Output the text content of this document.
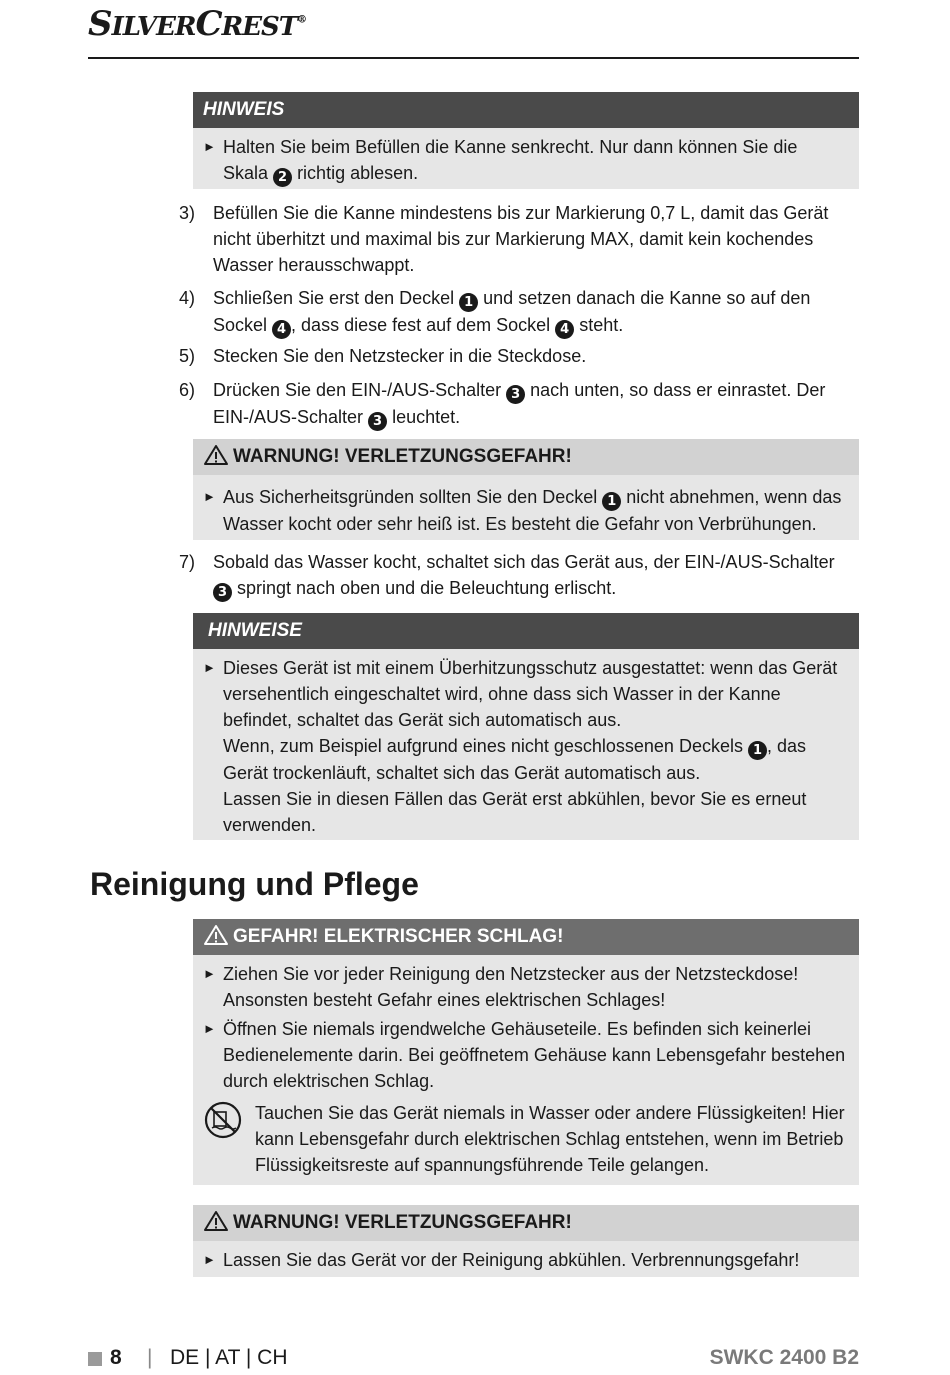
SILVERCREST®
HINWEIS
► Halten Sie beim Befüllen die Kanne senkrecht. Nur dann können Sie die
Skala 2 richtig ablesen.
3) Befüllen Sie die Kanne mindestens bis zur Markierung 0,7 L, damit das Gerät nicht überhitzt und maximal bis zur Markierung MAX, damit kein kochendes Wasser herausschwappt.
4) Schließen Sie erst den Deckel 1 und setzen danach die Kanne so auf den Sockel 4 , dass diese fest auf dem Sockel 4 steht.
5) Stecken Sie den Netzstecker in die Steckdose.
6) Drücken Sie den EIN-/AUS-Schalter 3 nach unten, so dass er einrastet. Der EIN-/AUS-Schalter 3 leuchtet.
WARNUNG! VERLETZUNGSGEFAHR!
► Aus Sicherheitsgründen sollten Sie den Deckel 1 nicht abnehmen, wenn das Wasser kocht oder sehr heiß ist. Es besteht die Gefahr von Verbrühungen.
7) Sobald das Wasser kocht, schaltet sich das Gerät aus, der EIN-/AUS-Schalter 3 springt nach oben und die Beleuchtung erlischt.
HINWEISE
► Dieses Gerät ist mit einem Überhitzungsschutz ausgestattet: wenn das Gerät versehentlich eingeschaltet wird, ohne dass sich Wasser in der Kanne befindet, schaltet das Gerät sich automatisch aus.
Wenn, zum Beispiel aufgrund eines nicht geschlossenen Deckels 1 , das Gerät trockenläuft, schaltet sich das Gerät automatisch aus.
Lassen Sie in diesen Fällen das Gerät erst abkühlen, bevor Sie es erneut verwenden.
Reinigung und Pflege
GEFAHR! ELEKTRISCHER SCHLAG!
► Ziehen Sie vor jeder Reinigung den Netzstecker aus der Netzsteckdose! Ansonsten besteht Gefahr eines elektrischen Schlages!
► Öffnen Sie niemals irgendwelche Gehäuseteile. Es befinden sich keinerlei Bedienelemente darin. Bei geöffnetem Gehäuse kann Lebensgefahr bestehen durch elektrischen Schlag.
Tauchen Sie das Gerät niemals in Wasser oder andere Flüssigkeiten! Hier kann Lebensgefahr durch elektrischen Schlag entstehen, wenn im Betrieb Flüssigkeitsreste auf spannungsführende Teile gelangen.
WARNUNG! VERLETZUNGSGEFAHR!
► Lassen Sie das Gerät vor der Reinigung abkühlen. Verbrennungsgefahr!
8 | DE | AT | CH	SWKC 2400 B2
